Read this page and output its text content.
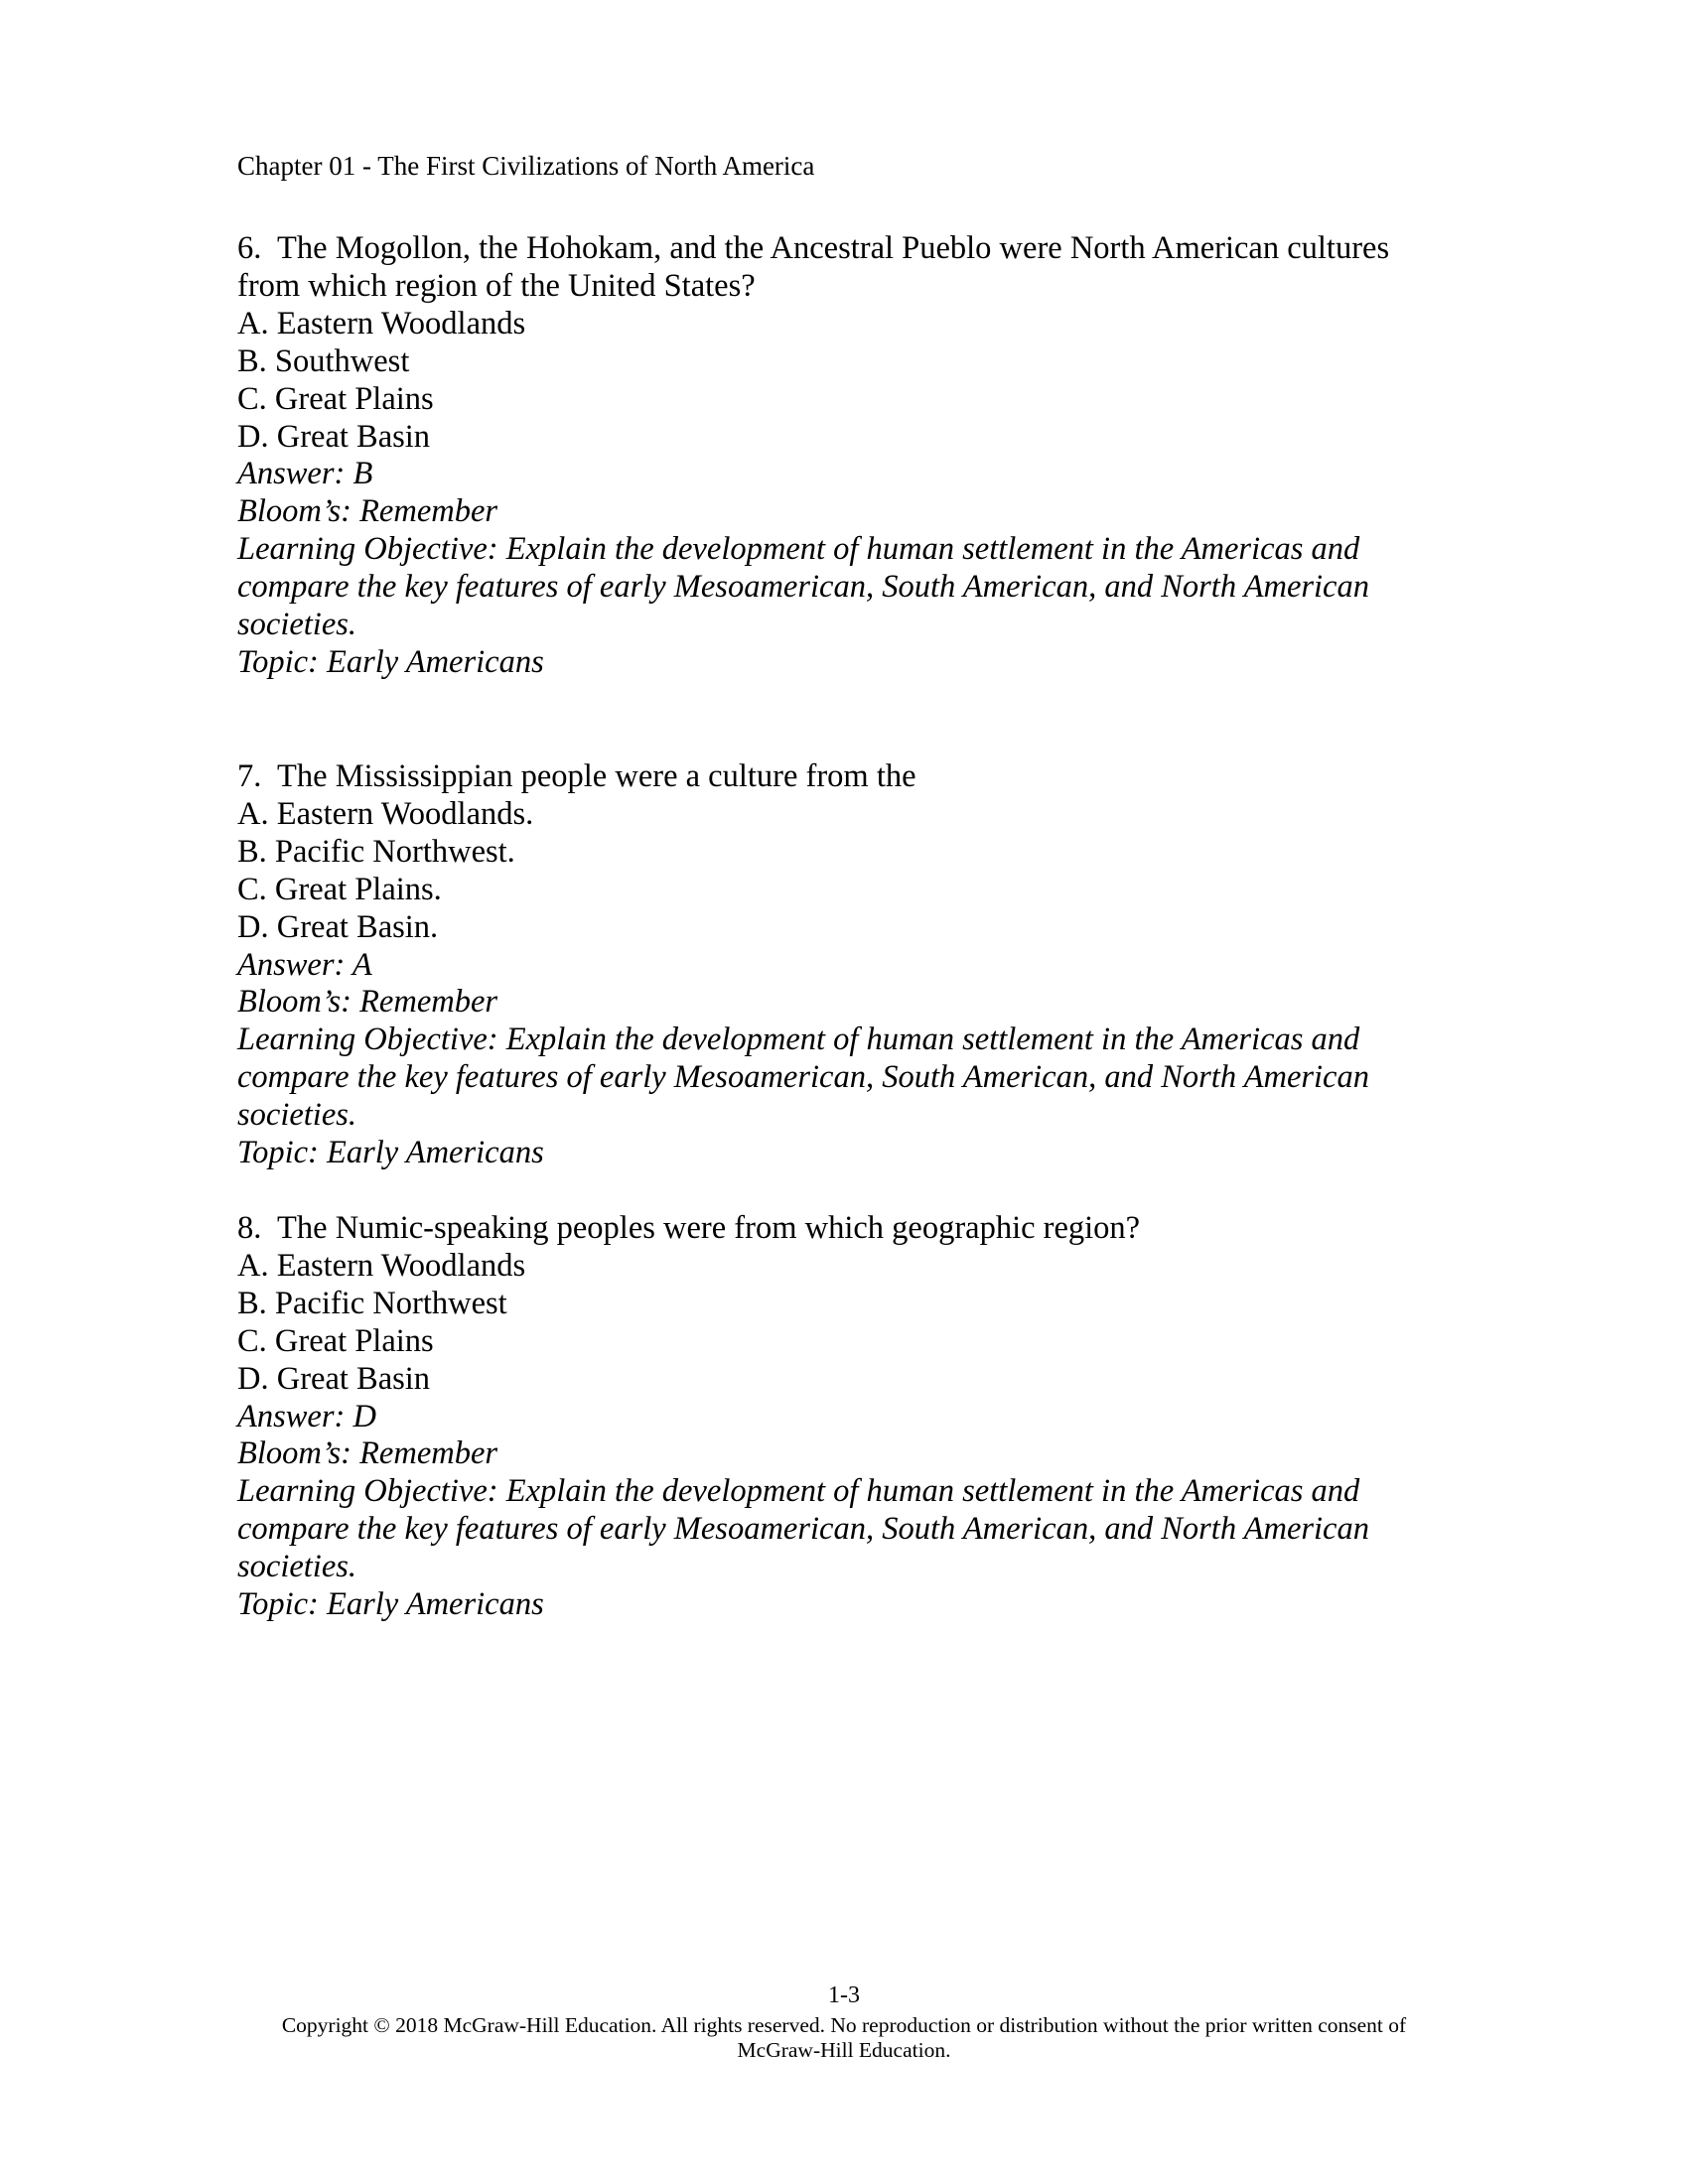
Chapter 01 - The First Civilizations of North America
6. The Mogollon, the Hohokam, and the Ancestral Pueblo were North American cultures from which region of the United States?
A. Eastern Woodlands
B. Southwest
C. Great Plains
D. Great Basin
Answer: B
Bloom’s: Remember
Learning Objective: Explain the development of human settlement in the Americas and compare the key features of early Mesoamerican, South American, and North American societies.
Topic: Early Americans
7. The Mississippian people were a culture from the
A. Eastern Woodlands.
B. Pacific Northwest.
C. Great Plains.
D. Great Basin.
Answer: A
Bloom’s: Remember
Learning Objective: Explain the development of human settlement in the Americas and compare the key features of early Mesoamerican, South American, and North American societies.
Topic: Early Americans
8. The Numic-speaking peoples were from which geographic region?
A. Eastern Woodlands
B. Pacific Northwest
C. Great Plains
D. Great Basin
Answer: D
Bloom’s: Remember
Learning Objective: Explain the development of human settlement in the Americas and compare the key features of early Mesoamerican, South American, and North American societies.
Topic: Early Americans
1-3
Copyright © 2018 McGraw-Hill Education. All rights reserved. No reproduction or distribution without the prior written consent of
McGraw-Hill Education.
